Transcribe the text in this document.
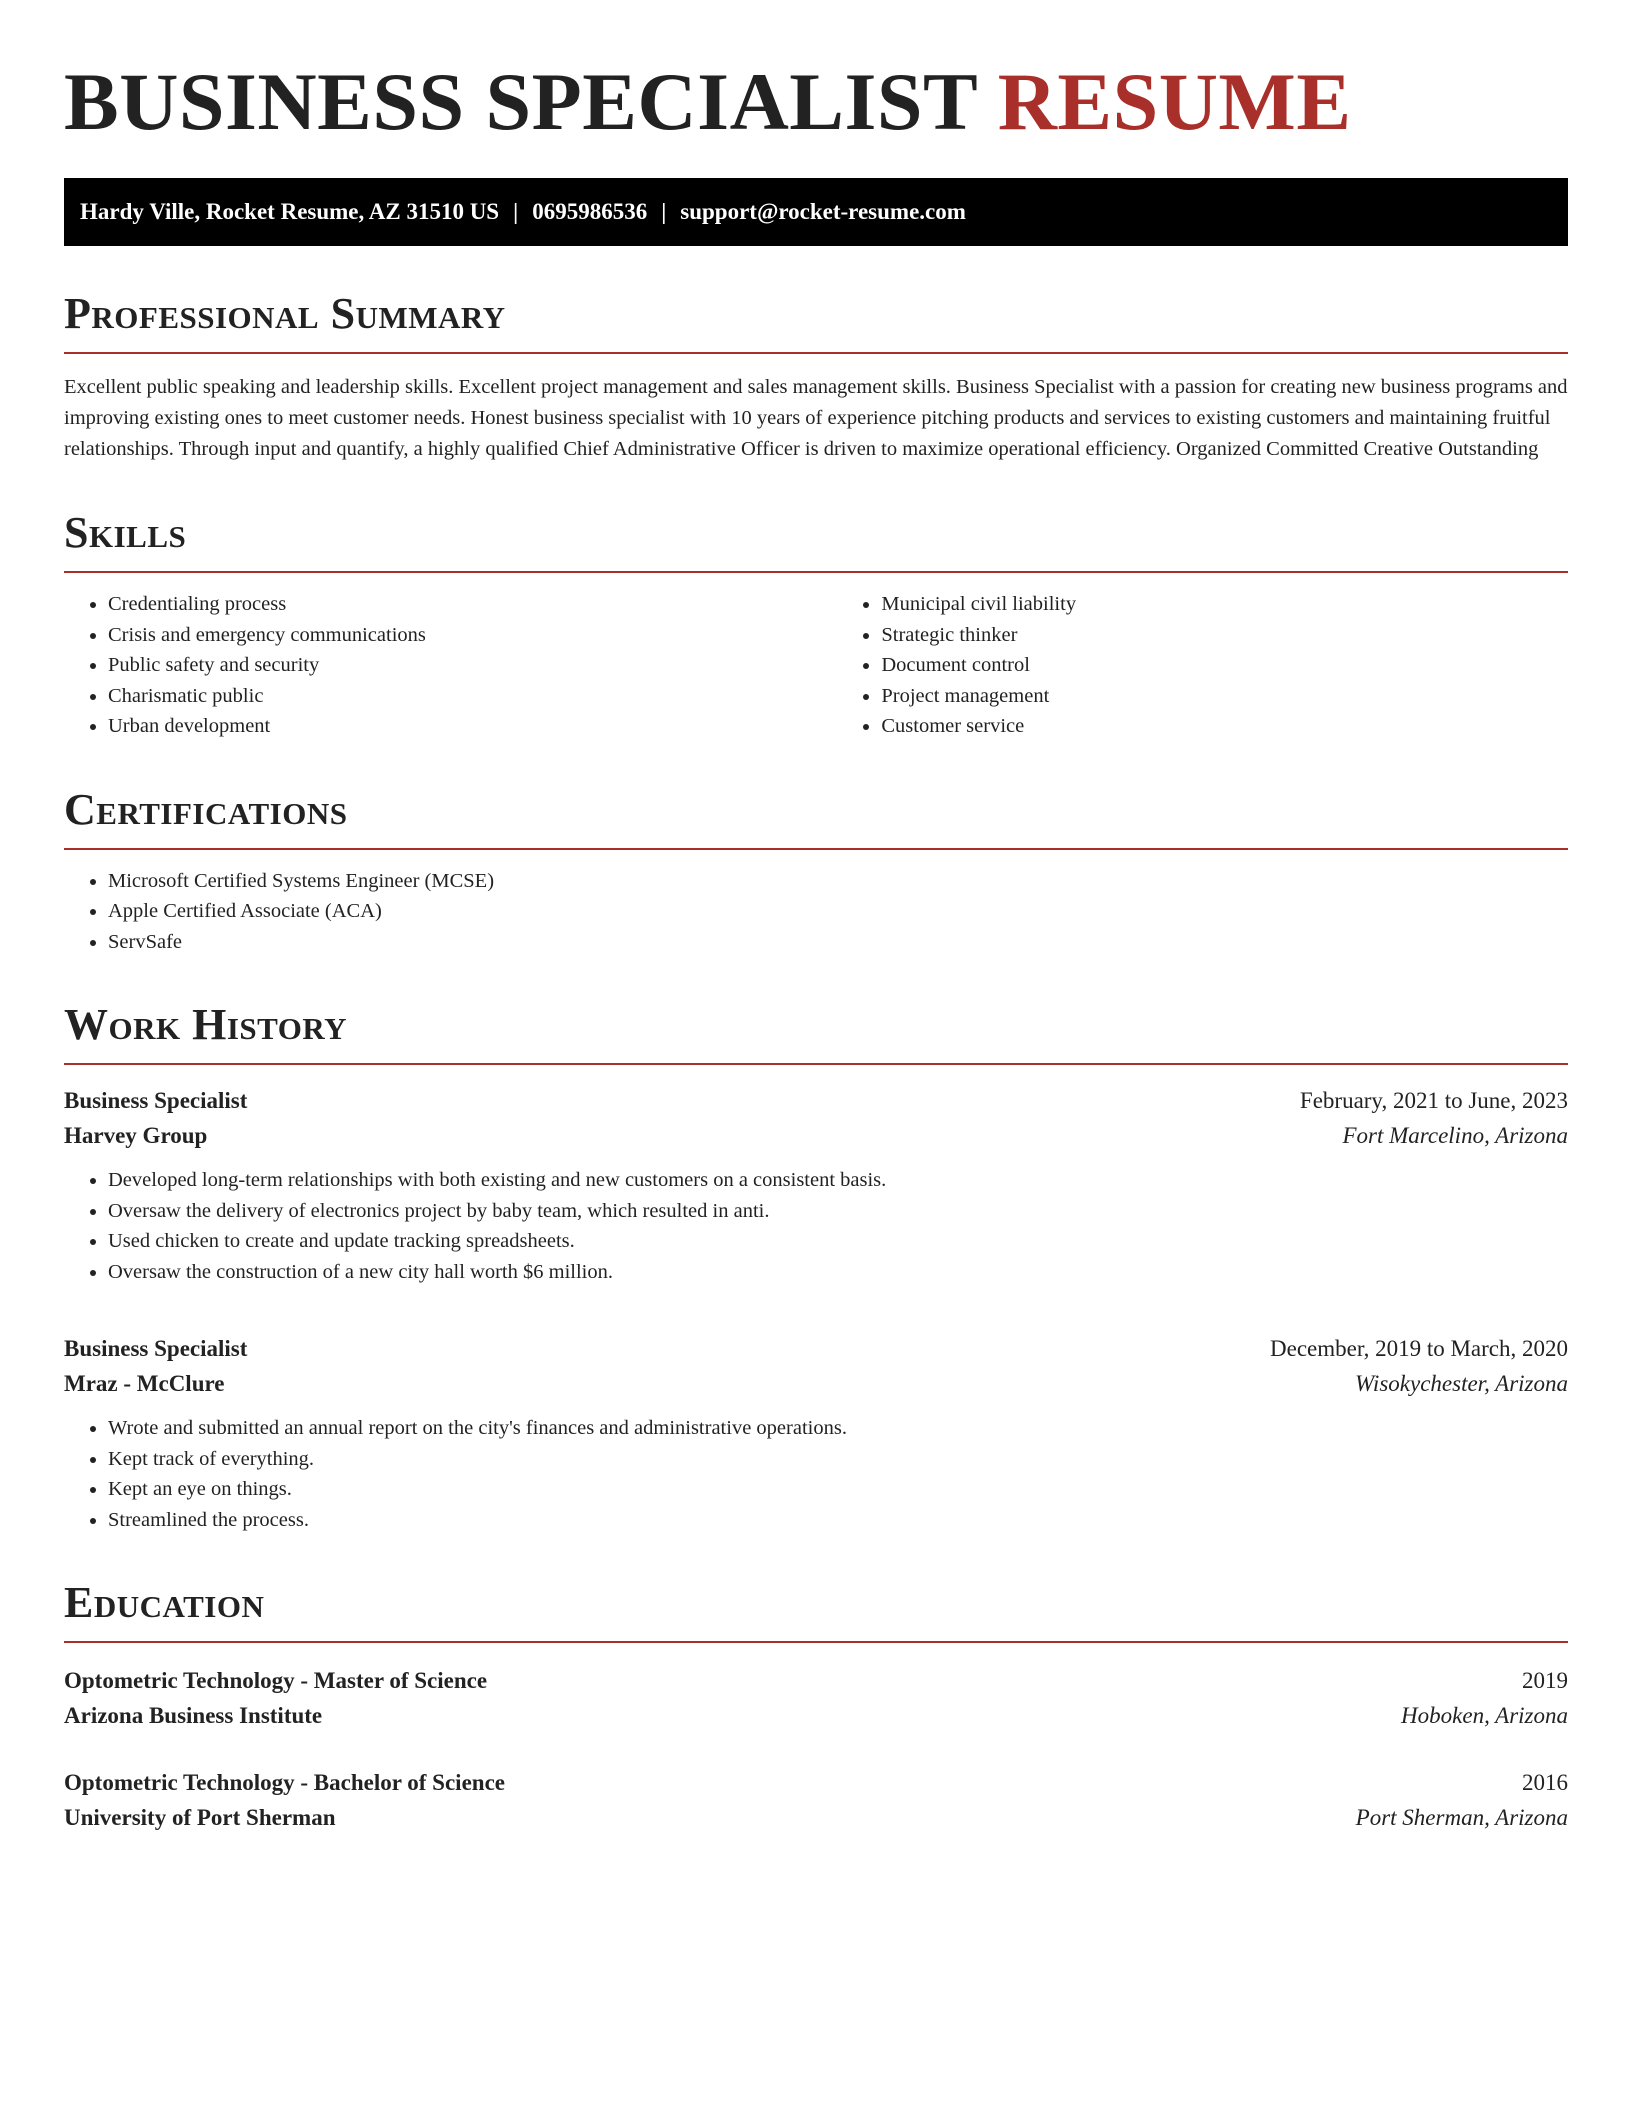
BUSINESS SPECIALIST RESUME
Hardy Ville, Rocket Resume, AZ 31510 US | 0695986536 | support@rocket-resume.com
Professional Summary

Excellent public speaking and leadership skills. Excellent project management and sales management skills. Business Specialist with a passion for creating new business programs and improving existing ones to meet customer needs. Honest business specialist with 10 years of experience pitching products and services to existing customers and maintaining fruitful relationships. Through input and quantify, a highly qualified Chief Administrative Officer is driven to maximize operational efficiency. Organized Committed Creative Outstanding

Skills
• Credentialing process
• Crisis and emergency communications
• Public safety and security
• Charismatic public
• Urban development
• Municipal civil liability
• Strategic thinker
• Document control
• Project management
• Customer service
Certifications
• Microsoft Certified Systems Engineer (MCSE)
• Apple Certified Associate (ACA)
• ServSafe
Work History
Business Specialist	February, 2021 to June, 2023
Harvey Group	Fort Marcelino, Arizona
• Developed long-term relationships with both existing and new customers on a consistent basis.
• Oversaw the delivery of electronics project by baby team, which resulted in anti.
• Used chicken to create and update tracking spreadsheets.
• Oversaw the construction of a new city hall worth $6 million.
Business Specialist	December, 2019 to March, 2020
Mraz - McClure	Wisokychester, Arizona
• Wrote and submitted an annual report on the city's finances and administrative operations.
• Kept track of everything.
• Kept an eye on things.
• Streamlined the process.
Education
Optometric Technology - Master of Science	2019
Arizona Business Institute	Hoboken, Arizona
Optometric Technology - Bachelor of Science	2016
University of Port Sherman	Port Sherman, Arizona
